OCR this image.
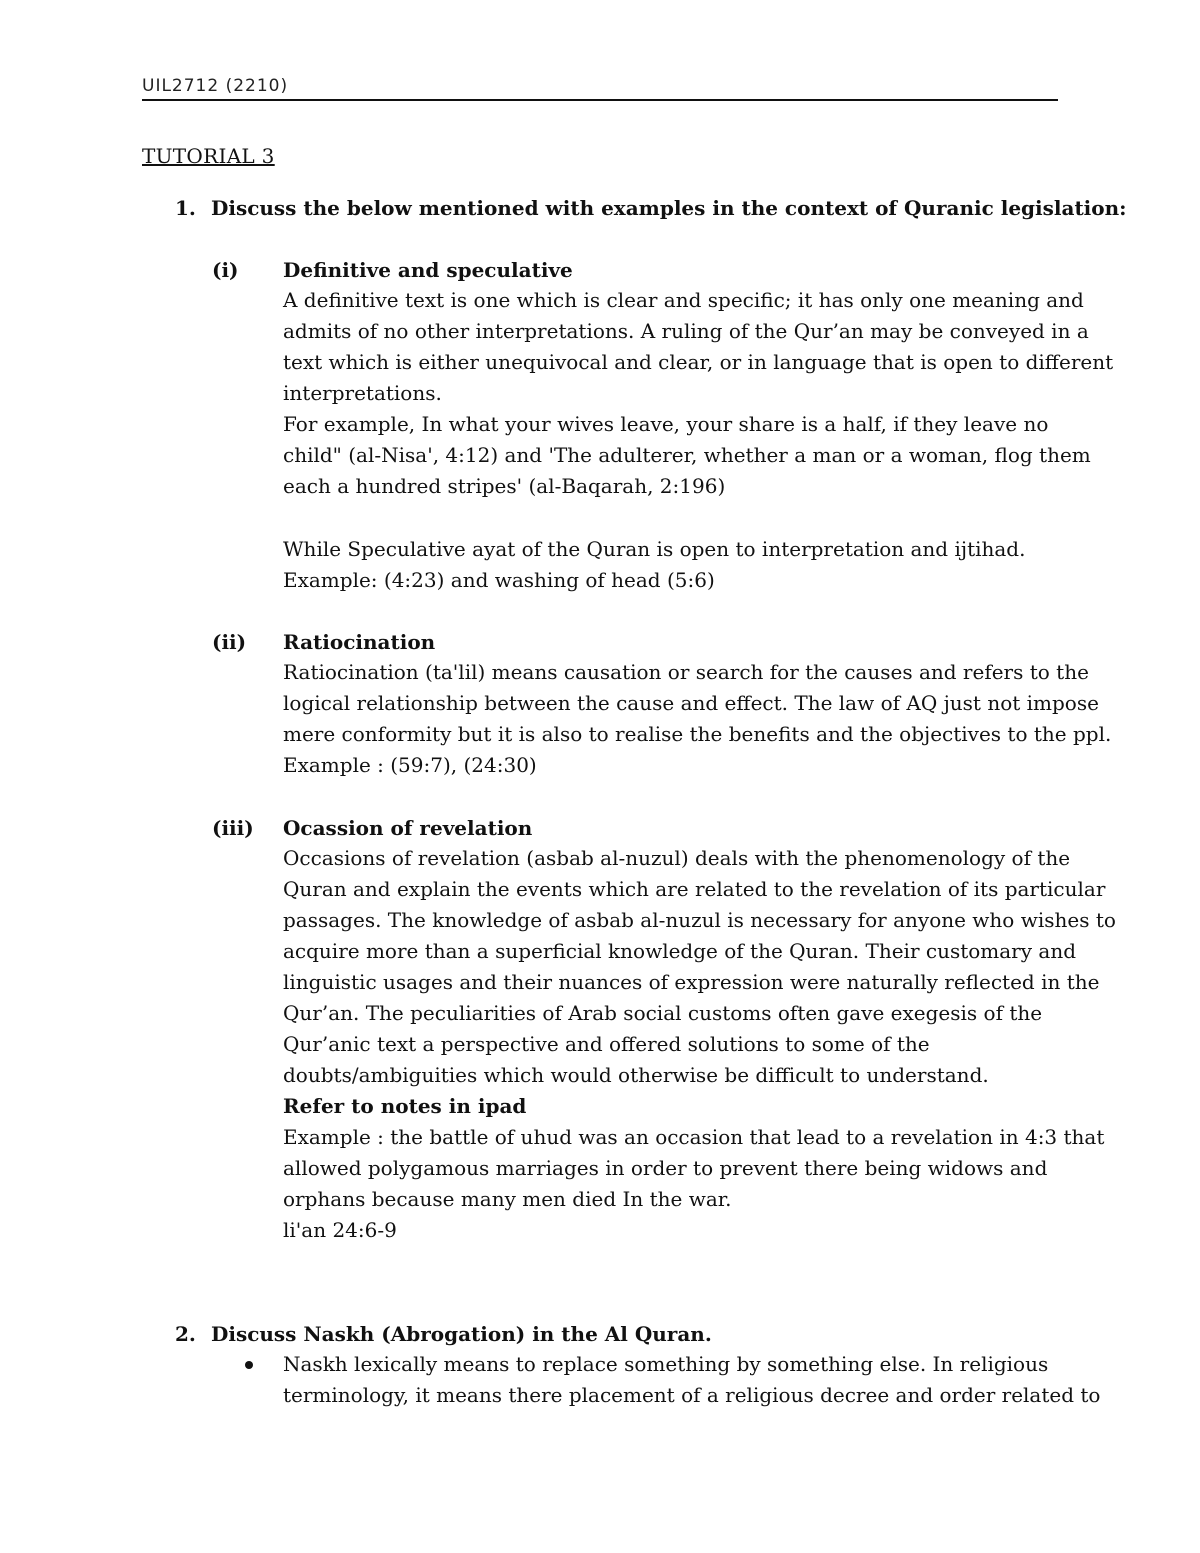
UIL2712 (2210)
TUTORIAL 3
1. Discuss the below mentioned with examples in the context of Quranic legislation:
(i) Definitive and speculative
A definitive text is one which is clear and specific; it has only one meaning and
admits of no other interpretations. A ruling of the Qur’an may be conveyed in a
text which is either unequivocal and clear, or in language that is open to different
interpretations.
For example, In what your wives leave, your share is a half, if they leave no
child" (al-Nisa', 4:12) and 'The adulterer, whether a man or a woman, flog them
each a hundred stripes' (al-Baqarah, 2:196)
While Speculative ayat of the Quran is open to interpretation and ijtihad.
Example: (4:23) and washing of head (5:6)
(ii) Ratiocination
Ratiocination (ta'lil) means causation or search for the causes and refers to the
logical relationship between the cause and effect. The law of AQ just not impose
mere conformity but it is also to realise the benefits and the objectives to the ppl.
Example : (59:7), (24:30)
(iii) Ocassion of revelation
Occasions of revelation (asbab al-nuzul) deals with the phenomenology of the
Quran and explain the events which are related to the revelation of its particular
passages. The knowledge of asbab al-nuzul is necessary for anyone who wishes to
acquire more than a superficial knowledge of the Quran. Their customary and
linguistic usages and their nuances of expression were naturally reflected in the
Qur’an. The peculiarities of Arab social customs often gave exegesis of the
Qur’anic text a perspective and offered solutions to some of the
doubts/ambiguities which would otherwise be difficult to understand.
Refer to notes in ipad
Example : the battle of uhud was an occasion that lead to a revelation in 4:3 that
allowed polygamous marriages in order to prevent there being widows and
orphans because many men died In the war.
li'an 24:6-9
2. Discuss Naskh (Abrogation) in the Al Quran.
Naskh lexically means to replace something by something else. In religious
terminology, it means there placement of a religious decree and order related to
